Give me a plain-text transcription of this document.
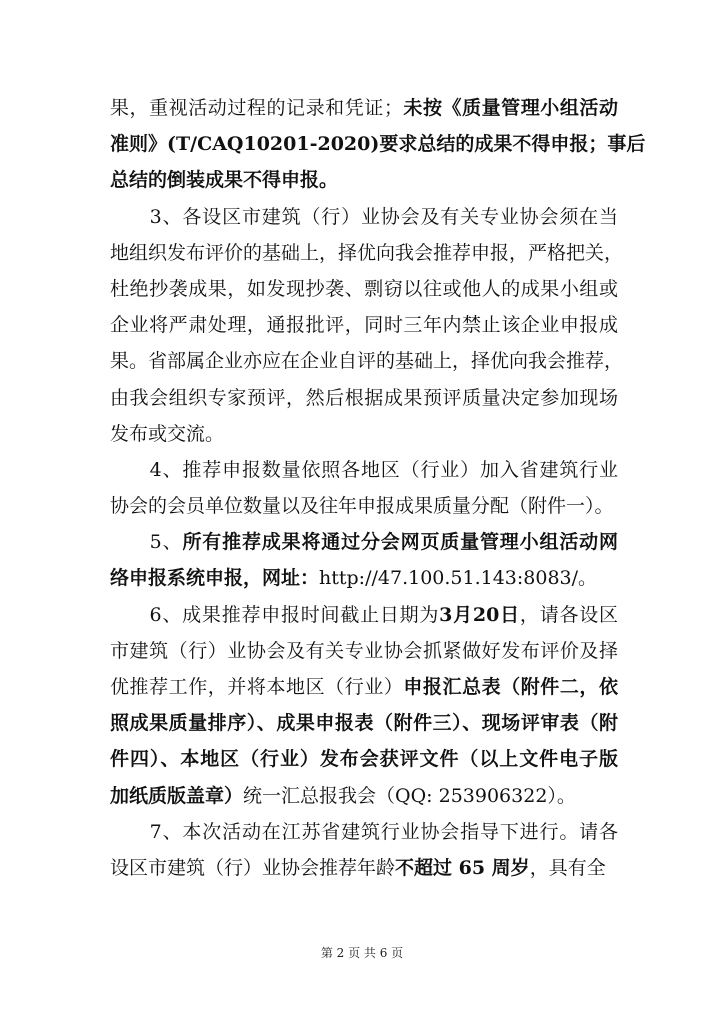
果，重视活动过程的记录和凭证；未按《质量管理小组活动
准则》(T/CAQ10201-2020)要求总结的成果不得申报；事后
总结的倒装成果不得申报。
　　3、各设区市建筑（行）业协会及有关专业协会须在当
地组织发布评价的基础上，择优向我会推荐申报，严格把关，
杜绝抄袭成果，如发现抄袭、剽窃以往或他人的成果小组或
企业将严肃处理，通报批评，同时三年内禁止该企业申报成
果。省部属企业亦应在企业自评的基础上，择优向我会推荐，
由我会组织专家预评，然后根据成果预评质量决定参加现场
发布或交流。
　　4、推荐申报数量依照各地区（行业）加入省建筑行业
协会的会员单位数量以及往年申报成果质量分配（附件一）。
　　5、所有推荐成果将通过分会网页质量管理小组活动网
络申报系统申报，网址：http://47.100.51.143:8083/。
　　6、成果推荐申报时间截止日期为3月20日，请各设区
市建筑（行）业协会及有关专业协会抓紧做好发布评价及择
优推荐工作，并将本地区（行业）申报汇总表（附件二，依
照成果质量排序）、成果申报表（附件三）、现场评审表（附
件四）、本地区（行业）发布会获评文件（以上文件电子版
加纸质版盖章）统一汇总报我会（QQ: 253906322）。
　　7、本次活动在江苏省建筑行业协会指导下进行。请各
设区市建筑（行）业协会推荐年龄不超过 65 周岁，具有全
第 2 页 共 6 页
